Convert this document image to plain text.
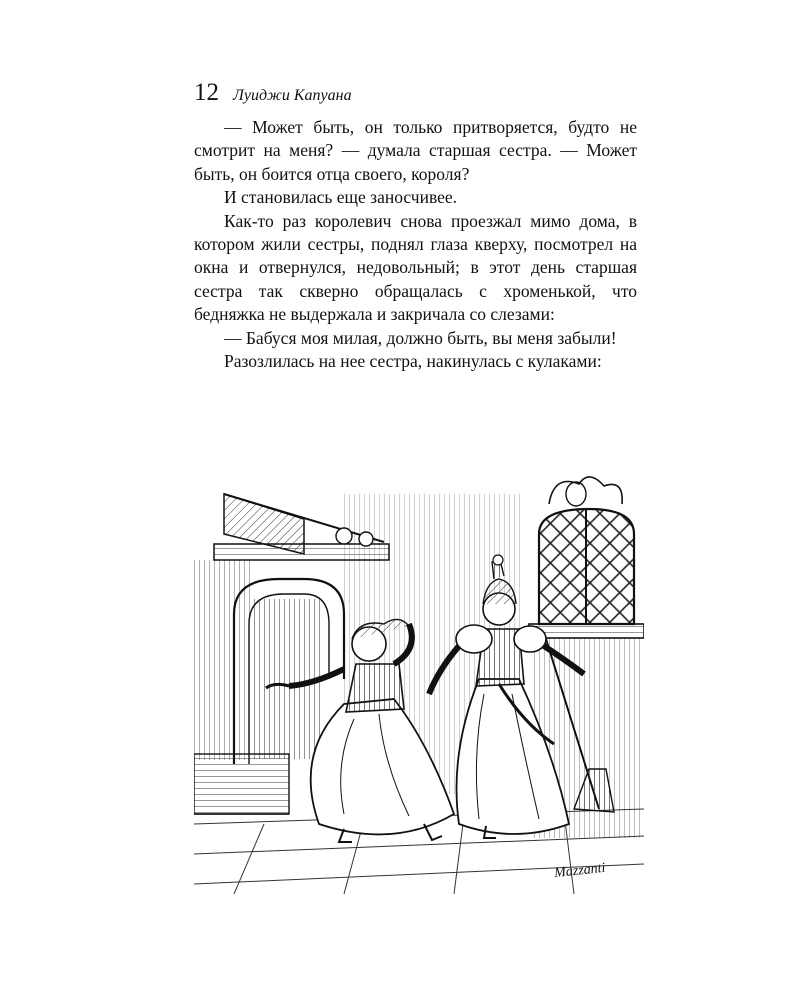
12 Луиджи Капуана

— Может быть, он только притворяется, будто не смотрит на меня? — думала старшая сестра. — Может быть, он боится отца своего, короля?

И становилась еще заносчивее.

Как-то раз королевич снова проезжал мимо дома, в котором жили сестры, поднял глаза кверху, посмотрел на окна и отвернулся, недовольный; в этот день старшая сестра так скверно обращалась с хроменькой, что бедняжка не выдержала и закричала со слезами:

— Бабуся моя милая, должно быть, вы меня забыли!

Разозлилась на нее сестра, накинулась с кулаками:

Mazzanti
